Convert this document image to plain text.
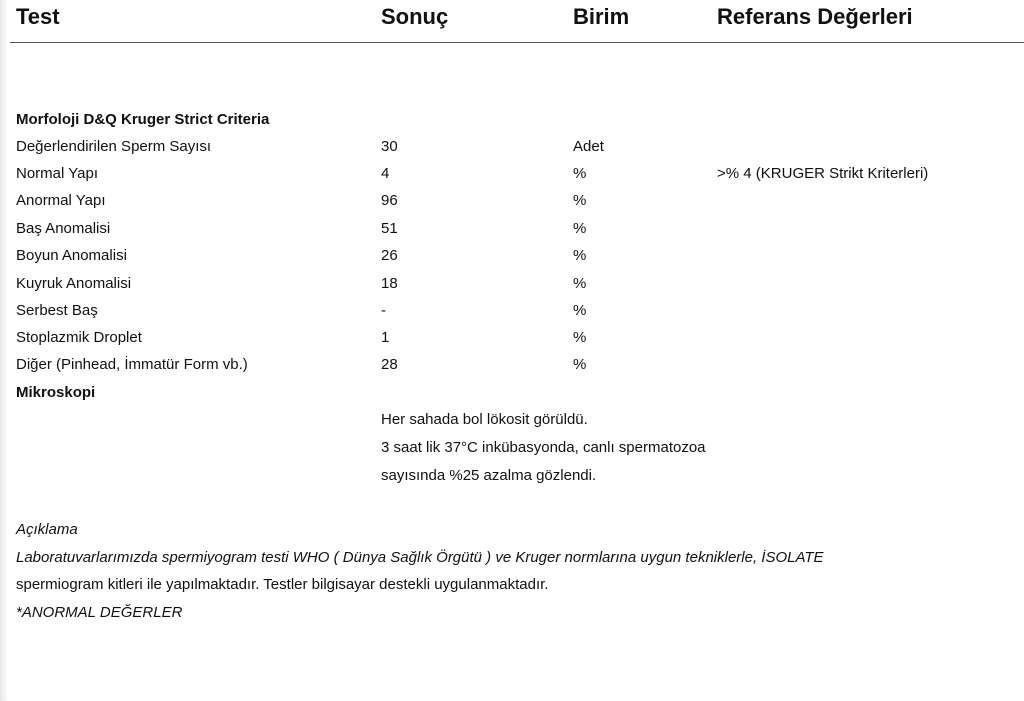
Test	Sonuç	Birim	Referans Değerleri
Morfoloji D&Q Kruger Strict Criteria
Değerlendirilen Sperm Sayısı	30	Adet
Normal Yapı	4	%	>% 4 (KRUGER Strikt Kriterleri)
Anormal Yapı	96	%
Baş Anomalisi	51	%
Boyun Anomalisi	26	%
Kuyruk Anomalisi	18	%
Serbest Baş	-	%
Stoplazmik Droplet	1	%
Diğer (Pinhead, İmmatür Form vb.)	28	%
Mikroskopi
Her sahada bol lökosit görüldü.
3 saat lik 37°C inkübasyonda, canlı spermatozoa
sayısında %25 azalma gözlendi.
Açıklama
Laboratuvarlarımızda spermiyogram testi WHO ( Dünya Sağlık Örgütü ) ve Kruger normlarına uygun tekniklerle, İSOLATE
spermiogram kitleri ile yapılmaktadır. Testler bilgisayar destekli uygulanmaktadır.
*ANORMAL DEĞERLER
